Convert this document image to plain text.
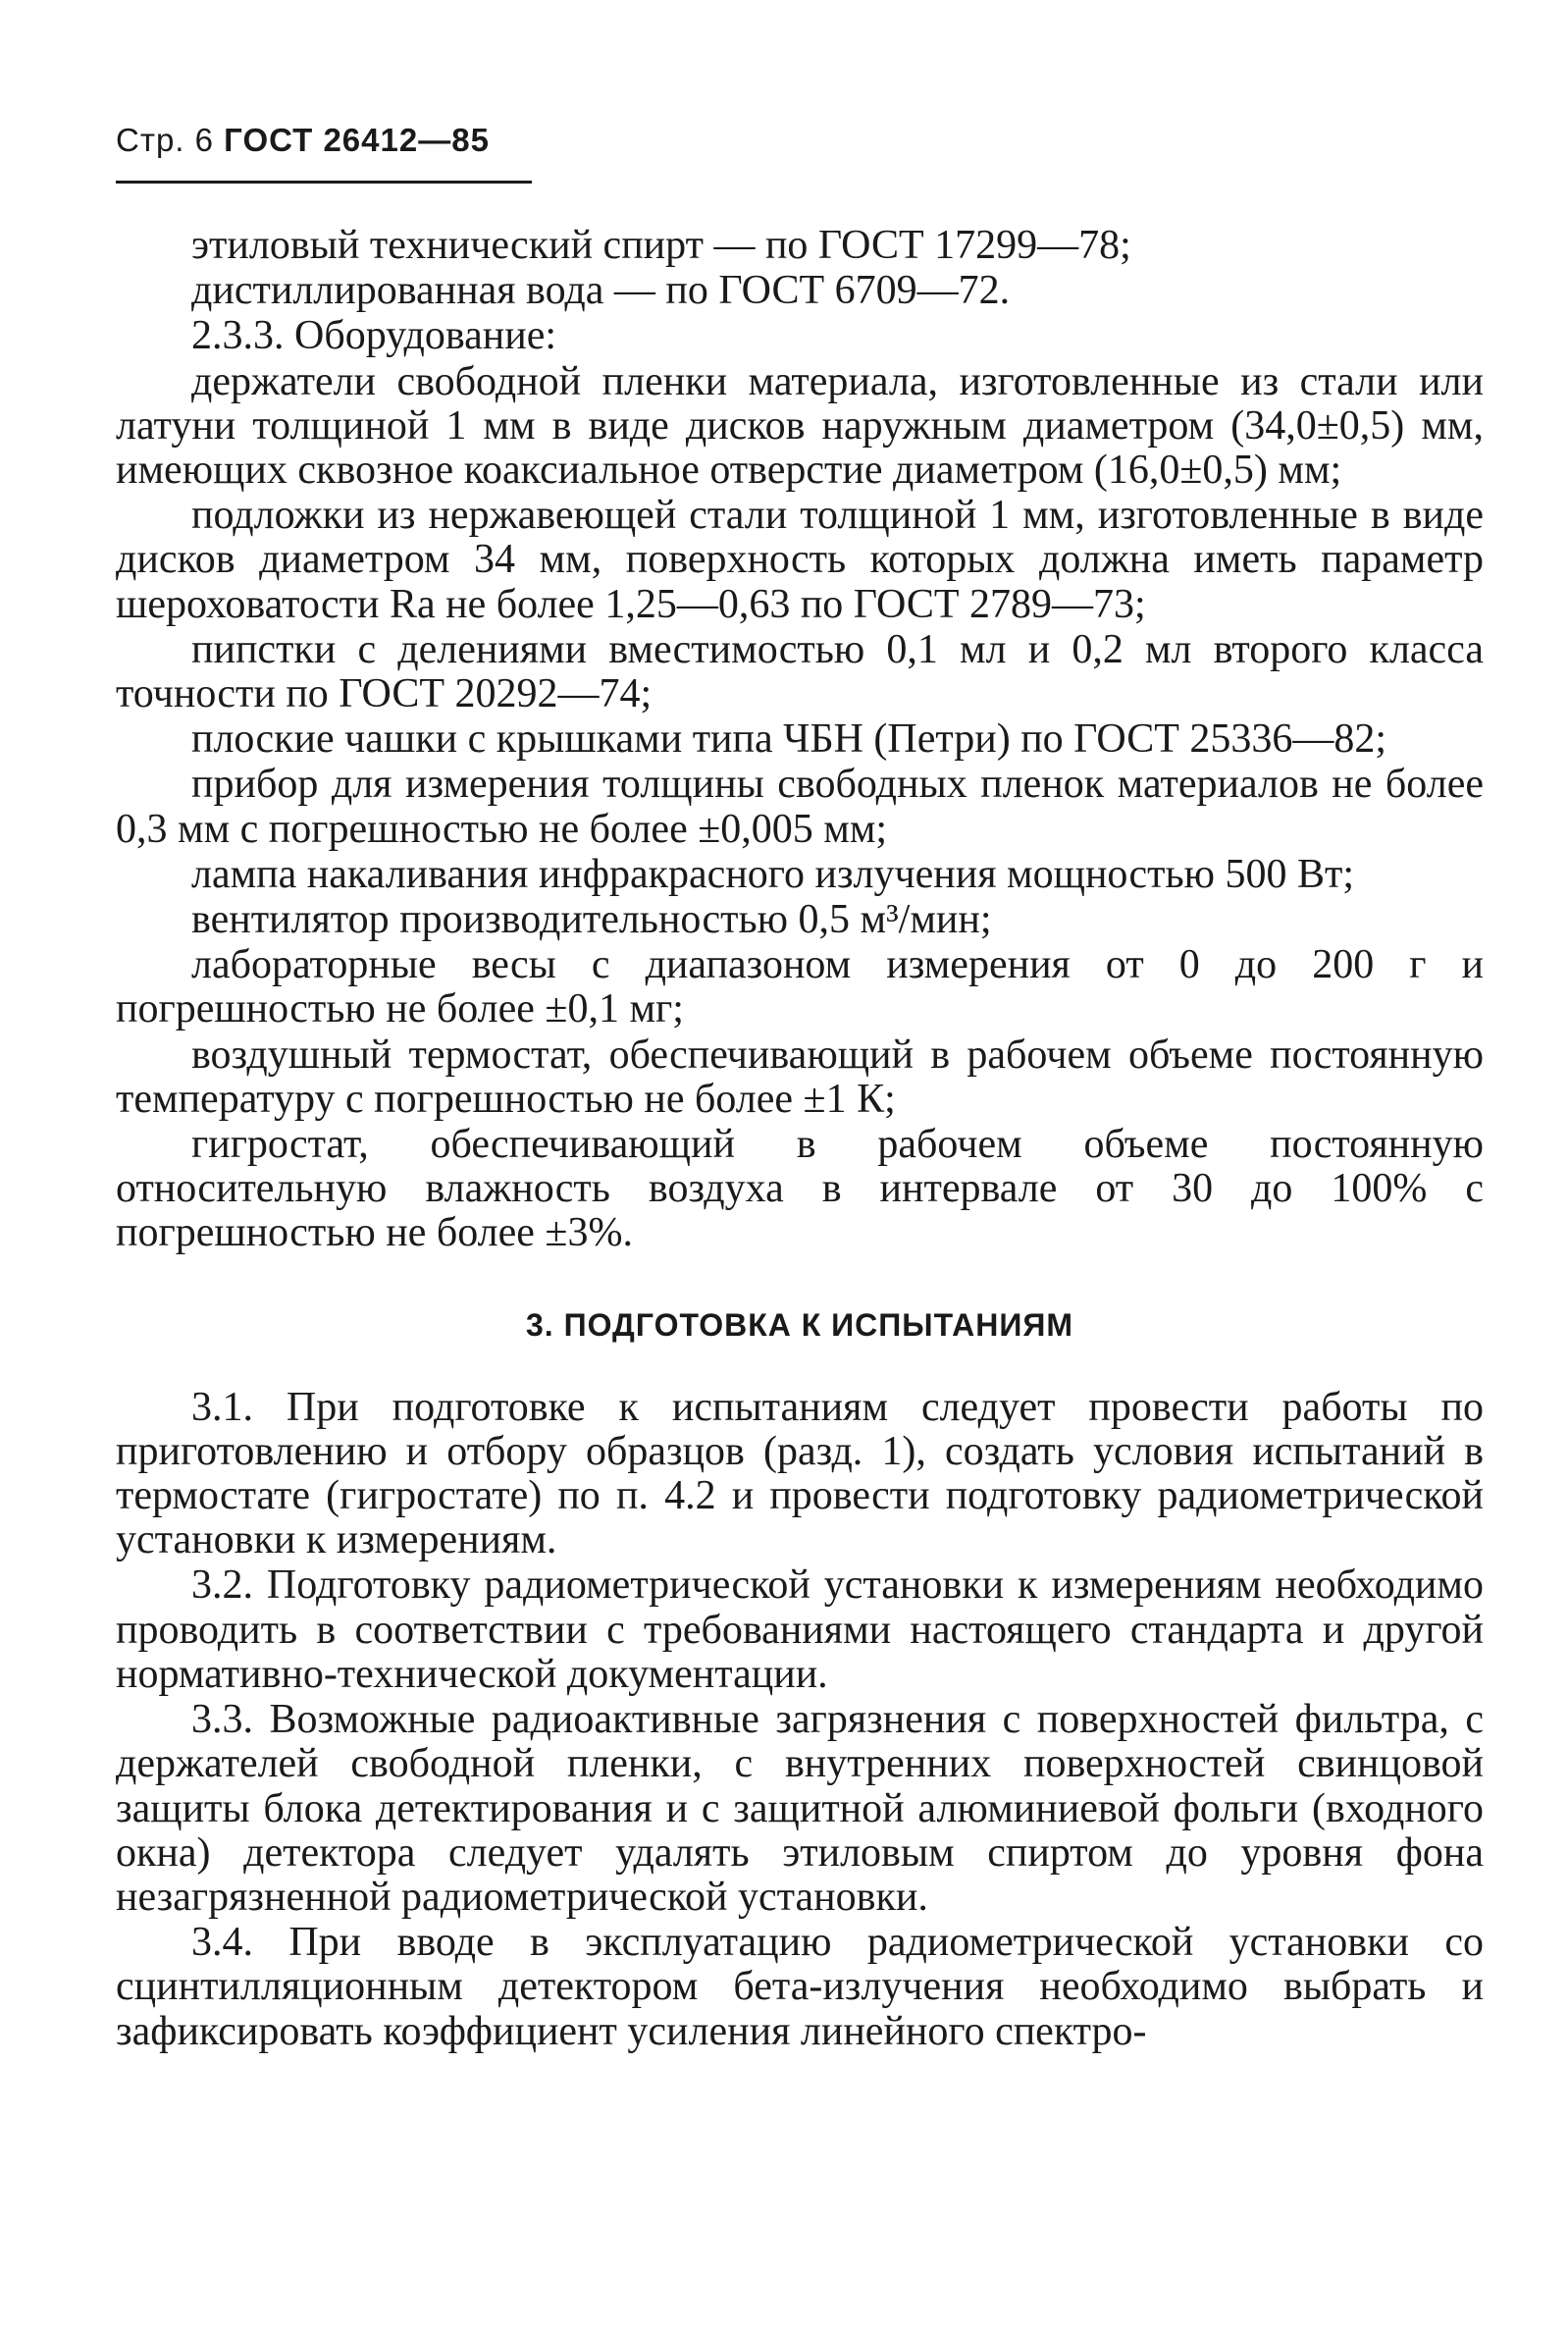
Стр. 6 ГОСТ 26412—85

этиловый технический спирт — по ГОСТ 17299—78;

дистиллированная вода — по ГОСТ 6709—72.

2.3.3. Оборудование:

держатели свободной пленки материала, изготовленные из стали или латуни толщиной 1 мм в виде дисков наружным диаметром (34,0±0,5) мм, имеющих сквозное коаксиальное отверстие диаметром (16,0±0,5) мм;

подложки из нержавеющей стали толщиной 1 мм, изготовленные в виде дисков диаметром 34 мм, поверхность которых должна иметь параметр шероховатости Ra не более 1,25—0,63 по ГОСТ 2789—73;

пипстки с делениями вместимостью 0,1 мл и 0,2 мл второго класса точности по ГОСТ 20292—74;

плоские чашки с крышками типа ЧБН (Петри) по ГОСТ 25336—82;

прибор для измерения толщины свободных пленок материалов не более 0,3 мм с погрешностью не более ±0,005 мм;

лампа накаливания инфракрасного излучения мощностью 500 Вт;

вентилятор производительностью 0,5 м³/мин;

лабораторные весы с диапазоном измерения от 0 до 200 г и погрешностью не более ±0,1 мг;

воздушный термостат, обеспечивающий в рабочем объеме постоянную температуру с погрешностью не более ±1 К;

гигростат, обеспечивающий в рабочем объеме постоянную относительную влажность воздуха в интервале от 30 до 100% с погрешностью не более ±3%.

3. ПОДГОТОВКА К ИСПЫТАНИЯМ

3.1. При подготовке к испытаниям следует провести работы по приготовлению и отбору образцов (разд. 1), создать условия испытаний в термостате (гигростате) по п. 4.2 и провести подготовку радиометрической установки к измерениям.

3.2. Подготовку радиометрической установки к измерениям необходимо проводить в соответствии с требованиями настоящего стандарта и другой нормативно-технической документации.

3.3. Возможные радиоактивные загрязнения с поверхностей фильтра, с держателей свободной пленки, с внутренних поверхностей свинцовой защиты блока детектирования и с защитной алюминиевой фольги (входного окна) детектора следует удалять этиловым спиртом до уровня фона незагрязненной радиометрической установки.

3.4. При вводе в эксплуатацию радиометрической установки со сцинтилляционным детектором бета-излучения необходимо выбрать и зафиксировать коэффициент усиления линейного спектро-
